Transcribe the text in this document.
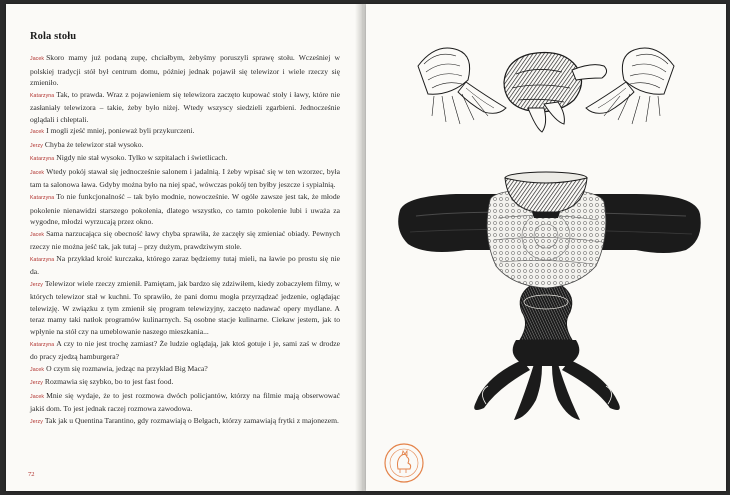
Rola stołu
Jacek Skoro mamy już podaną zupę, chciałbym, żebyśmy poruszyli sprawę stołu. Wcześniej w polskiej tradycji stół był centrum domu, później jednak pojawił się telewizor i wiele rzeczy się zmieniło.
Katarzyna Tak, to prawda. Wraz z pojawieniem się telewizora zaczęto kupować stoły i ławy, które nie zasłaniały telewizora – takie, żeby było niżej. Wtedy wszyscy siedzieli zgarbieni. Jednocześnie oglądali i chłeptali.
Jacek I mogli zjeść mniej, ponieważ byli przykurczeni.
Jerzy Chyba że telewizor stał wysoko.
Katarzyna Nigdy nie stał wysoko. Tylko w szpitalach i świetlicach.
Jacek Wtedy pokój stawał się jednocześnie salonem i jadalnią. I żeby wpisać się w ten wzorzec, była tam ta salonowa ława. Gdyby można było na niej spać, wówczas pokój ten byłby jeszcze i sypialnią.
Katarzyna To nie funkcjonalność – tak było modnie, nowocześnie. W ogóle zawsze jest tak, że młode pokolenie nienawidzi starszego pokolenia, dlatego wszystko, co tamto pokolenie lubi i uważa za wygodne, młodzi wyrzucają przez okno.
Jacek Sama narzucająca się obecność ławy chyba sprawiła, że zaczęły się zmieniać obiady. Pewnych rzeczy nie można jeść tak, jak tutaj – przy dużym, prawdziwym stole.
Katarzyna Na przykład kroić kurczaka, którego zaraz będziemy tutaj mieli, na ławie po prostu się nie da.
Jerzy Telewizor wiele rzeczy zmienił. Pamiętam, jak bardzo się zdziwiłem, kiedy zobaczyłem filmy, w których telewizor stał w kuchni. To sprawiło, że pani domu mogła przyrządzać jedzenie, oglądając telewizję. W związku z tym zmienił się program telewizyjny, zaczęto nadawać opery mydlane. A teraz mamy taki natłok programów kulinarnych. Są osobne stacje kulinarne. Ciekaw jestem, jak to wpłynie na stół czy na umeblowanie naszego mieszkania...
Katarzyna A czy to nie jest trochę zamiast? Że ludzie oglądają, jak ktoś gotuje i je, sami zaś w drodze do pracy zjedzą hamburgera?
Jacek O czym się rozmawia, jedząc na przykład Big Maca?
Jerzy Rozmawia się szybko, bo to jest fast food.
Jacek Mnie się wydaje, że to jest rozmowa dwóch policjantów, którzy na filmie mają obserwować jakiś dom. To jest jednak raczej rozmowa zawodowa.
Jerzy Tak jak u Quentina Tarantino, gdy rozmawiają o Belgach, którzy zamawiają frytki z majonezem.
72
